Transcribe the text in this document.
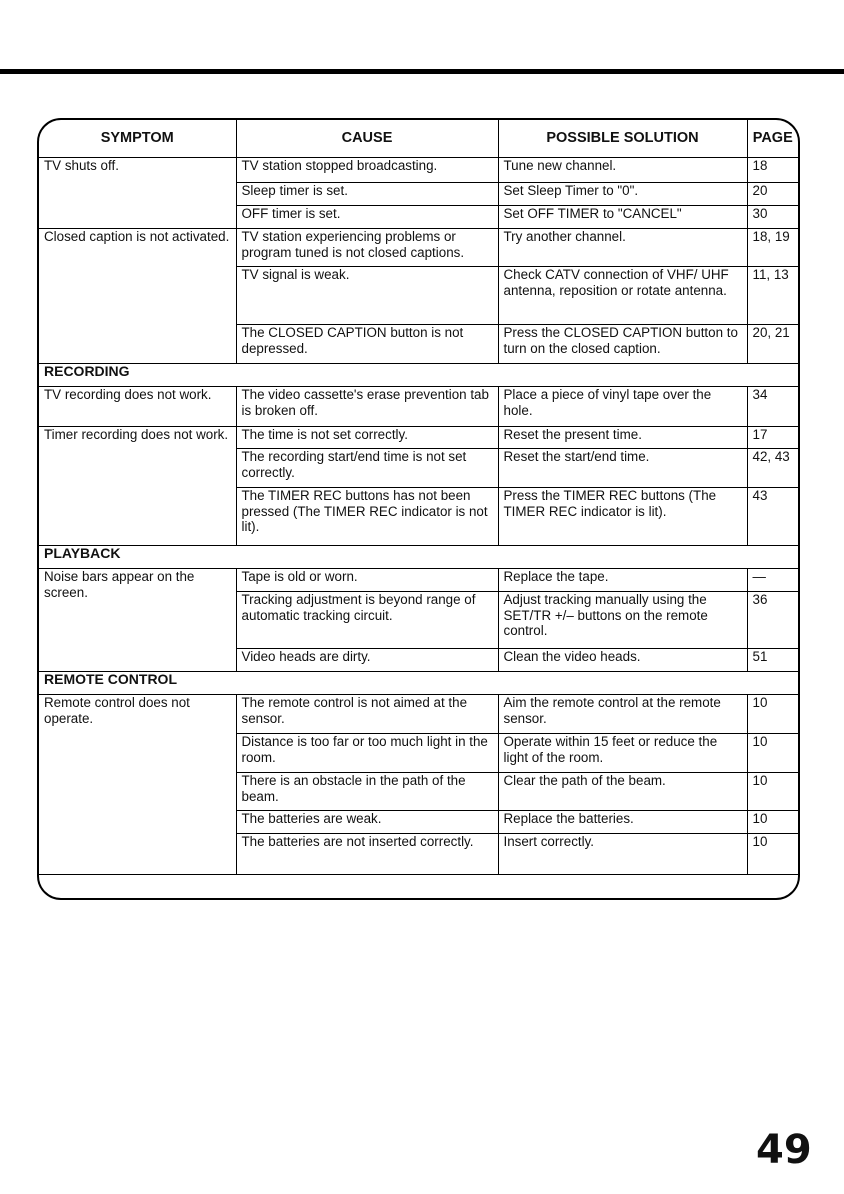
SYMPTOM	CAUSE	POSSIBLE SOLUTION	PAGE
TV shuts off.	TV station stopped broadcasting.	Tune new channel.	18
	Sleep timer is set.	Set Sleep Timer to "0".	20
	OFF timer is set.	Set OFF TIMER to "CANCEL"	30
Closed caption is not activated.	TV station experiencing problems or program tuned is not closed captions.	Try another channel.	18, 19
	TV signal is weak.	Check CATV connection of VHF/ UHF antenna, reposition or rotate antenna.	11, 13
	The CLOSED CAPTION button is not depressed.	Press the CLOSED CAPTION button to turn on the closed caption.	20, 21
RECORDING			
TV recording does not work.	The video cassette's erase prevention tab is broken off.	Place a piece of vinyl tape over the hole.	34
Timer recording does not work.	The time is not set correctly.	Reset the present time.	17
	The recording start/end time is not set correctly.	Reset the start/end time.	42, 43
	The TIMER REC buttons has not been pressed (The TIMER REC indicator is not lit).	Press the TIMER REC buttons (The TIMER REC indicator is lit).	43
PLAYBACK			
Noise bars appear on the screen.	Tape is old or worn.	Replace the tape.	—
	Tracking adjustment is beyond range of automatic tracking circuit.	Adjust tracking manually using the SET/TR +/– buttons on the remote control.	36
	Video heads are dirty.	Clean the video heads.	51
REMOTE CONTROL			
Remote control does not operate.	The remote control is not aimed at the sensor.	Aim the remote control at the remote sensor.	10
	Distance is too far or too much light in the room.	Operate within 15 feet or reduce the light of the room.	10
	There is an obstacle in the path of the beam.	Clear the path of the beam.	10
	The batteries are weak.	Replace the batteries.	10
	The batteries are not inserted correctly.	Insert correctly.	10
49
